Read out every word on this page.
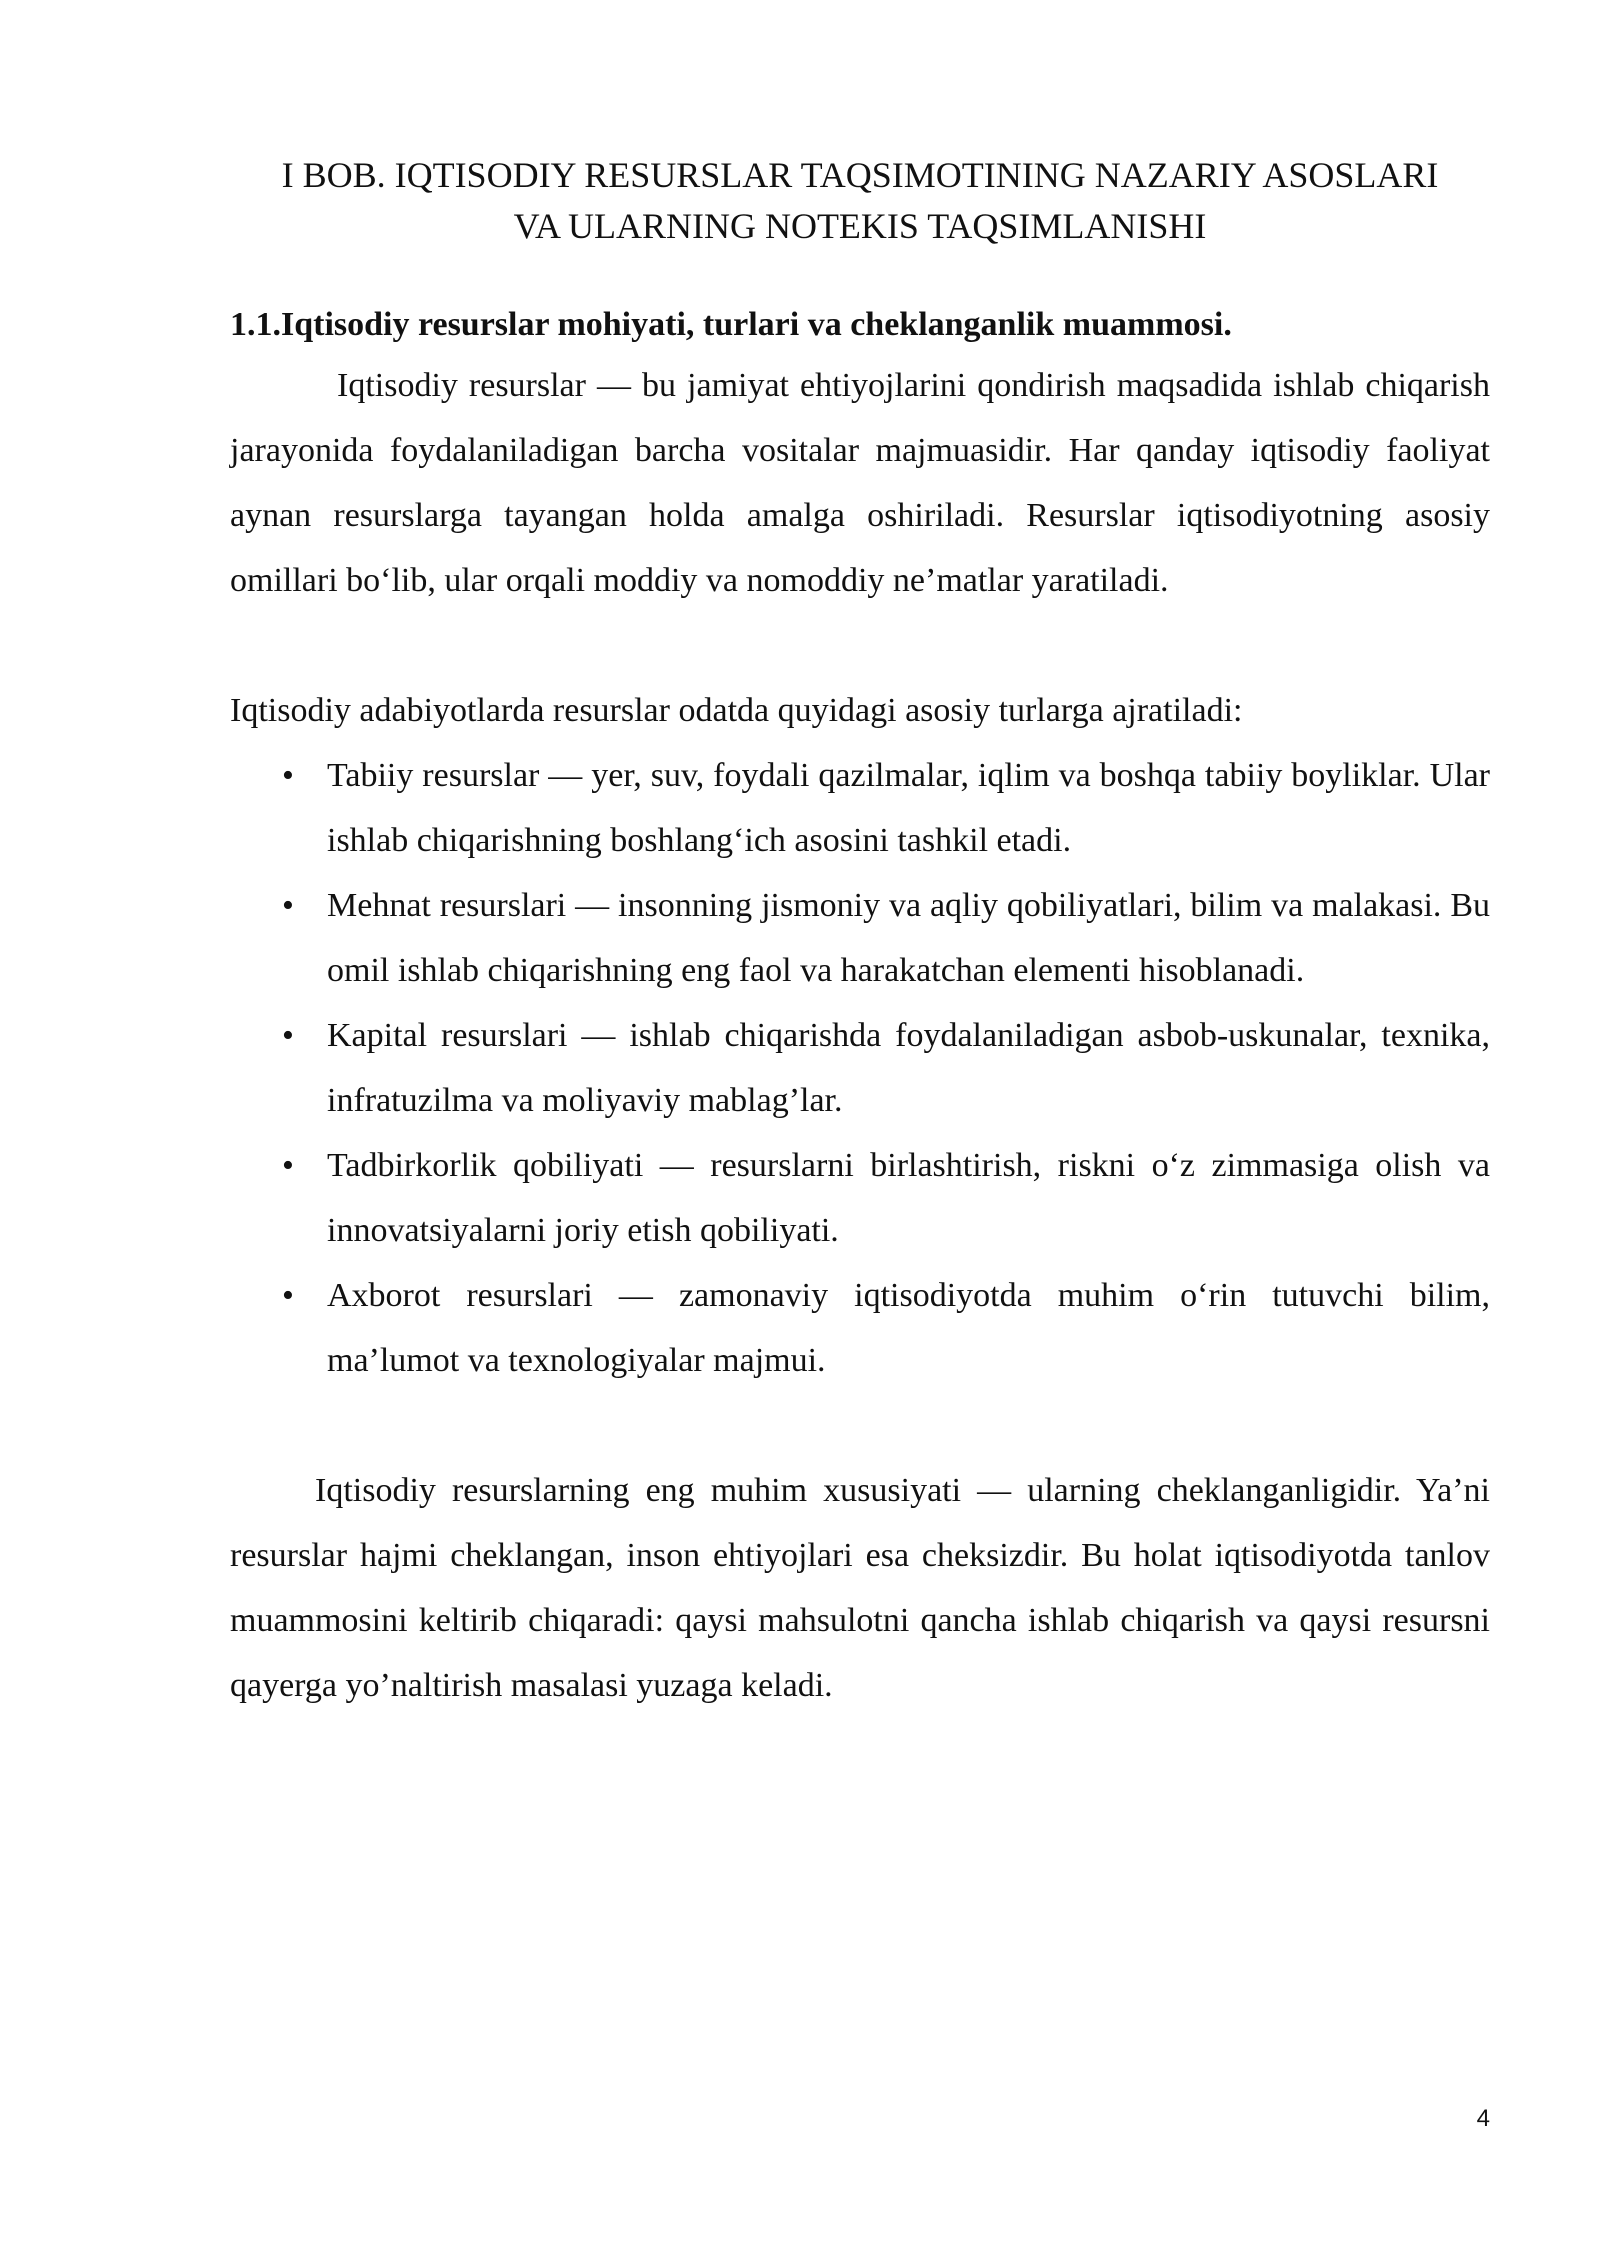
I BOB. IQTISODIY RESURSLAR TAQSIMOTINING NAZARIY ASOSLARI
VA ULARNING NOTEKIS TAQSIMLANISHI
1.1.Iqtisodiy resurslar mohiyati, turlari va cheklanganlik muammosi.

Iqtisodiy resurslar — bu jamiyat ehtiyojlarini qondirish maqsadida ishlab chiqarish jarayonida foydalaniladigan barcha vositalar majmuasidir. Har qanday iqtisodiy faoliyat aynan resurslarga tayangan holda amalga oshiriladi. Resurslar iqtisodiyotning asosiy omillari bo‘lib, ular orqali moddiy va nomoddiy ne’matlar yaratiladi.

Iqtisodiy adabiyotlarda resurslar odatda quyidagi asosiy turlarga ajratiladi:

• Tabiiy resurslar — yer, suv, foydali qazilmalar, iqlim va boshqa tabiiy boyliklar. Ular ishlab chiqarishning boshlang‘ich asosini tashkil etadi.
• Mehnat resurslari — insonning jismoniy va aqliy qobiliyatlari, bilim va malakasi. Bu omil ishlab chiqarishning eng faol va harakatchan elementi hisoblanadi.
• Kapital resurslari — ishlab chiqarishda foydalaniladigan asbob-uskunalar, texnika, infratuzilma va moliyaviy mablag’lar.
• Tadbirkorlik qobiliyati — resurslarni birlashtirish, riskni o‘z zimmasiga olish va innovatsiyalarni joriy etish qobiliyati.
• Axborot resurslari — zamonaviy iqtisodiyotda muhim o‘rin tutuvchi bilim, ma’lumot va texnologiyalar majmui.

Iqtisodiy resurslarning eng muhim xususiyati — ularning cheklanganligidir. Ya’ni resurslar hajmi cheklangan, inson ehtiyojlari esa cheksizdir. Bu holat iqtisodiyotda tanlov muammosini keltirib chiqaradi: qaysi mahsulotni qancha ishlab chiqarish va qaysi resursni qayerga yo’naltirish masalasi yuzaga keladi.

4
